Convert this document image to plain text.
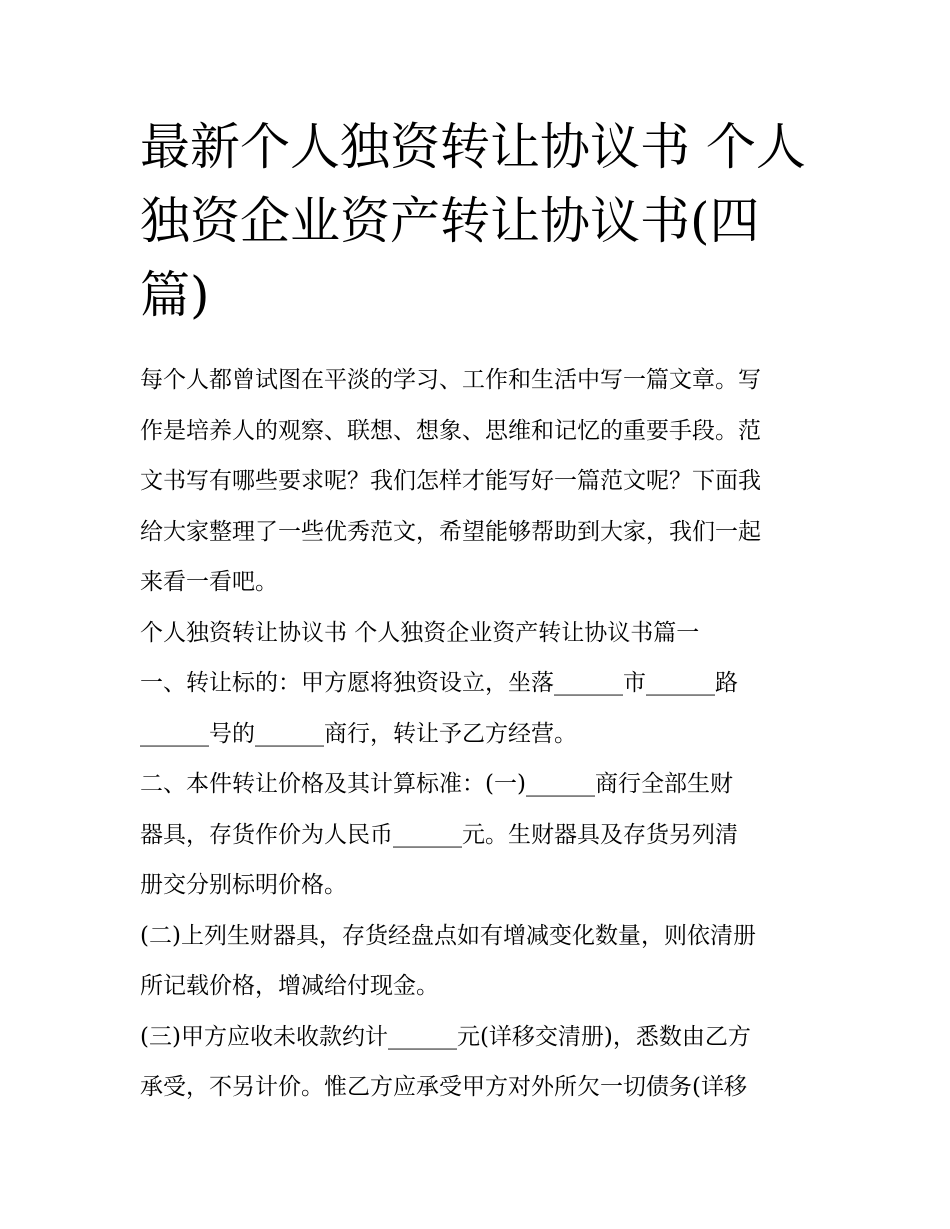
最新个人独资转让协议书 个人
独资企业资产转让协议书(四
篇)
每个人都曾试图在平淡的学习、工作和生活中写一篇文章。写
作是培养人的观察、联想、想象、思维和记忆的重要手段。范
文书写有哪些要求呢？我们怎样才能写好一篇范文呢？下面我
给大家整理了一些优秀范文，希望能够帮助到大家，我们一起
来看一看吧。
个人独资转让协议书 个人独资企业资产转让协议书篇一
一、转让标的：甲方愿将独资设立，坐落______市______路
______号的______商行，转让予乙方经营。
二、本件转让价格及其计算标准：(一)______商行全部生财
器具，存货作价为人民币______元。生财器具及存货另列清
册交分别标明价格。
(二)上列生财器具，存货经盘点如有增减变化数量，则依清册
所记载价格，增减给付现金。
(三)甲方应收未收款约计______元(详移交清册)，悉数由乙方
承受，不另计价。惟乙方应承受甲方对外所欠一切债务(详移
